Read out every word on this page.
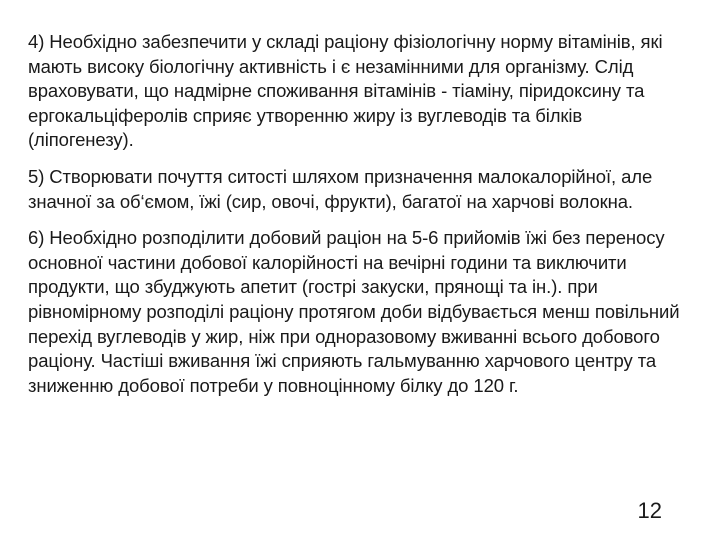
4) Необхідно забезпечити у складі раціону фізіологічну норму вітамінів, які мають високу біологічну активність і є незамінними для організму. Слід враховувати, що надмірне споживання вітамінів - тіаміну, піридоксину та ергокальціферолів сприяє утворенню жиру із вуглеводів та білків (ліпогенезу).

5) Створювати почуття ситості шляхом призначення малокалорійної, але значної за об‘ємом, їжі (сир, овочі, фрукти), багатої на харчові волокна.

6) Необхідно розподілити добовий раціон на 5-6 прийомів їжі без переносу основної частини добової калорійності на вечірні години та виключити продукти, що збуджують апетит (гострі закуски, прянощі та ін.). при рівномірному розподілі раціону протягом доби відбувається менш повільний перехід вуглеводів у жир, ніж при одноразовому вживанні всього добового раціону. Частіші вживання їжі сприяють гальмуванню харчового центру та зниженню добової потреби у повноцінному білку до 120 г.

12
